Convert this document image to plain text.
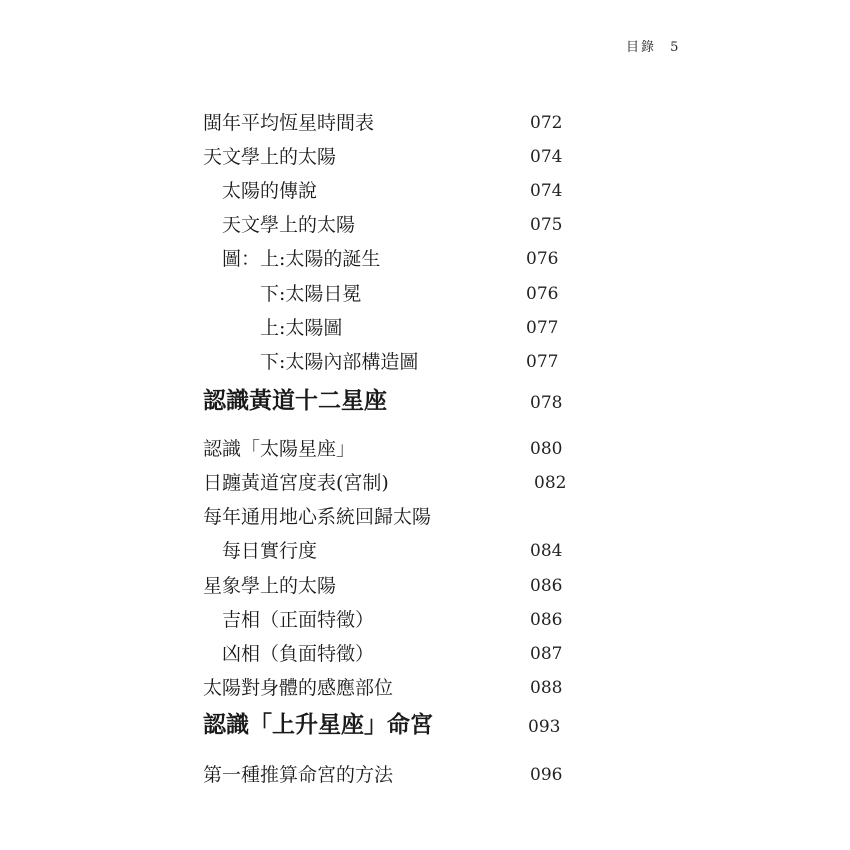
目錄 5
閩年平均恆星時間表	072
天文學上的太陽	074
太陽的傳說	074
天文學上的太陽	075
圖：上:太陽的誕生	076
下:太陽日冕	076
上:太陽圖	077
下:太陽內部構造圖	077
認識黃道十二星座	078
認識「太陽星座」	080
日躔黃道宮度表(宮制)	082
每年通用地心系統回歸太陽
每日實行度	084
星象學上的太陽	086
吉相（正面特徵）	086
凶相（負面特徵）	087
太陽對身體的感應部位	088
認識「上升星座」命宮	093
第一種推算命宮的方法	096
